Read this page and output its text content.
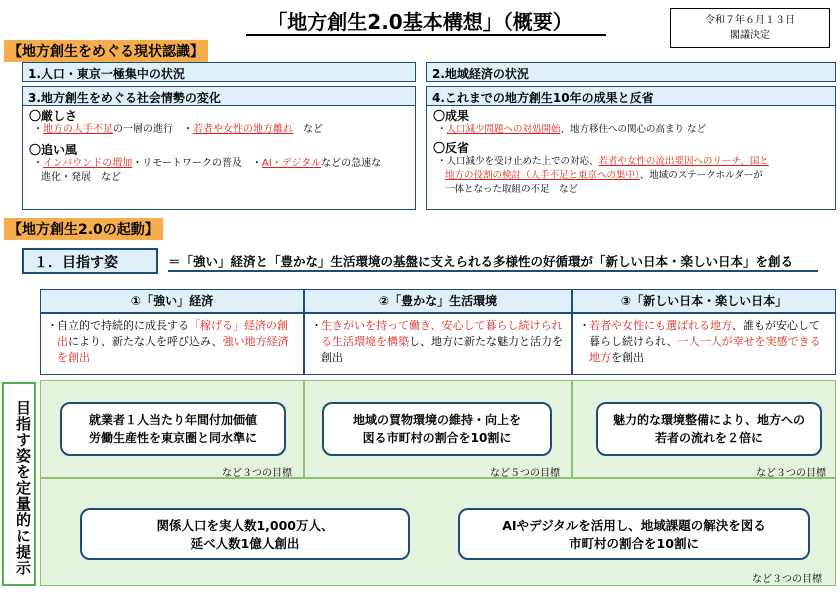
「地方創生2.0基本構想」（概要）	令和７年６月１３日
閣議決定
【地方創生をめぐる現状認識】
1.人口・東京一極集中の状況	2.地域経済の状況
3.地方創生をめぐる社会情勢の変化
〇厳しさ
・地方の人手不足の一層の進行　・若者や女性の地方離れ　 など
〇追い風
・インバウンドの増加・リモートワークの普及　・AI・デジタルなどの急速な
進化・発展　など
4.これまでの地方創生10年の成果と反省
〇成果
・人口減少問題への対処開始、地方移住への関心の高まり など
〇反省
・人口減少を受け止めた上での対応、若者や女性の流出要因へのリーチ、国と
地方の役割の検討（人手不足と東京への集中）、地域のステークホルダーが
一体となった取組の不足　など
【地方創生2.0の起動】
１．目指す姿	＝「強い」経済と「豊かな」生活環境の基盤に支えられる多様性の好循環が「新しい日本・楽しい日本」を創る
①「強い」経済
・ 自立的で持続的に成長する「稼げる」経済の創出により、新たな人を呼び込み、強い地方経済を創出
②「豊かな」生活環境
・ 生きがいを持って働き、安心して暮らし続けられる生活環境を構築し、地方に新たな魅力と活力を創出
③「新しい日本・楽しい日本」
・ 若者や女性にも選ばれる地方、誰もが安心して暮らし続けられ、一人一人が幸せを実感できる地方を創出
目指す姿を定量的に提示	就業者１人当たり年間付加価値
労働生産性を東京圏と同水準に
など３つの目標
地域の買物環境の維持・向上を
図る市町村の割合を10割に
など５つの目標
魅力的な環境整備により、地方への
若者の流れを２倍に
など３つの目標
関係人口を実人数1,000万人、
延べ人数1億人創出
AIやデジタルを活用し、地域課題の解決を図る
市町村の割合を10割に
など３つの目標
